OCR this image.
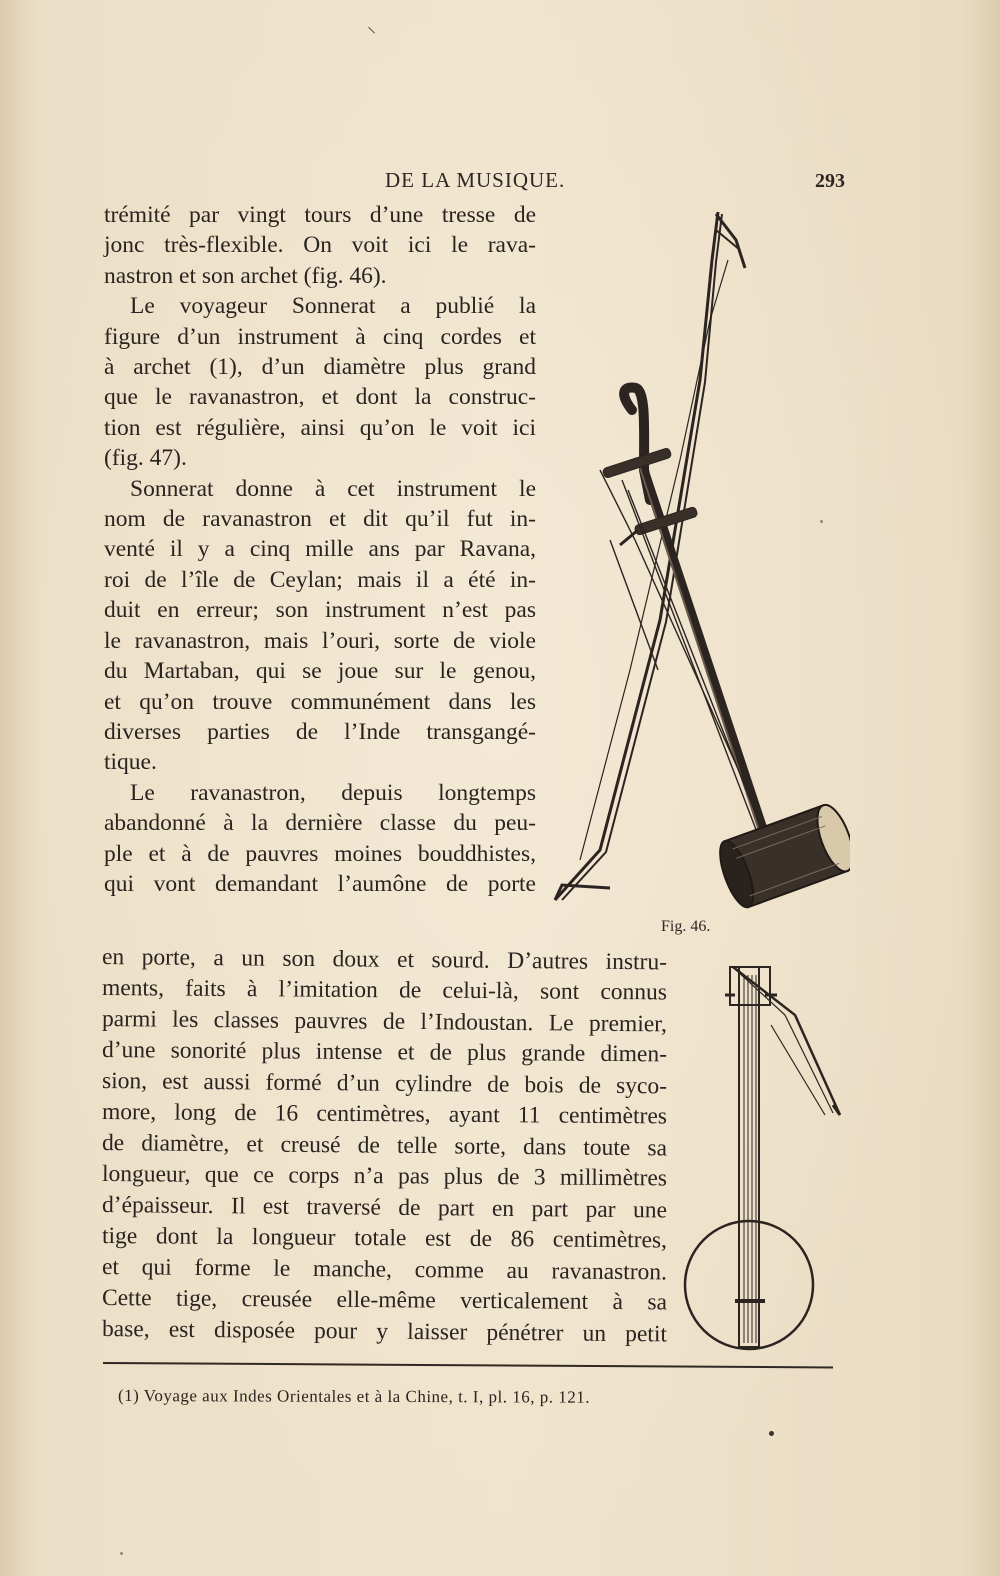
DE LA MUSIQUE.	293
trémité par vingt tours d’une tresse de
jonc très-flexible. On voit ici le rava-
nastron et son archet (fig. 46).
Le voyageur Sonnerat a publié la
figure d’un instrument à cinq cordes et
à archet (1), d’un diamètre plus grand
que le ravanastron, et dont la construc-
tion est régulière, ainsi qu’on le voit ici
(fig. 47).
Sonnerat donne à cet instrument le
nom de ravanastron et dit qu’il fut in-
venté il y a cinq mille ans par Ravana,
roi de l’île de Ceylan; mais il a été in-
duit en erreur; son instrument n’est pas
le ravanastron, mais l’ouri, sorte de viole
du Martaban, qui se joue sur le genou,
et qu’on trouve communément dans les
diverses parties de l’Inde transgangé-
tique.
Le ravanastron, depuis longtemps
abandonné à la dernière classe du peu-
ple et à de pauvres moines bouddhistes,
qui vont demandant l’aumône de porte
en porte, a un son doux et sourd. D’autres instru-
ments, faits à l’imitation de celui-là, sont connus
parmi les classes pauvres de l’Indoustan. Le premier,
d’une sonorité plus intense et de plus grande dimen-
sion, est aussi formé d’un cylindre de bois de syco-
more, long de 16 centimètres, ayant 11 centimètres
de diamètre, et creusé de telle sorte, dans toute sa
longueur, que ce corps n’a pas plus de 3 millimètres
d’épaisseur. Il est traversé de part en part par une
tige dont la longueur totale est de 86 centimètres,
et qui forme le manche, comme au ravanastron.
Cette tige, creusée elle-même verticalement à sa
base, est disposée pour y laisser pénétrer un petit
Fig. 46.
(1) Voyage aux Indes Orientales et à la Chine, t. I, pl. 16, p. 121.
⸜
